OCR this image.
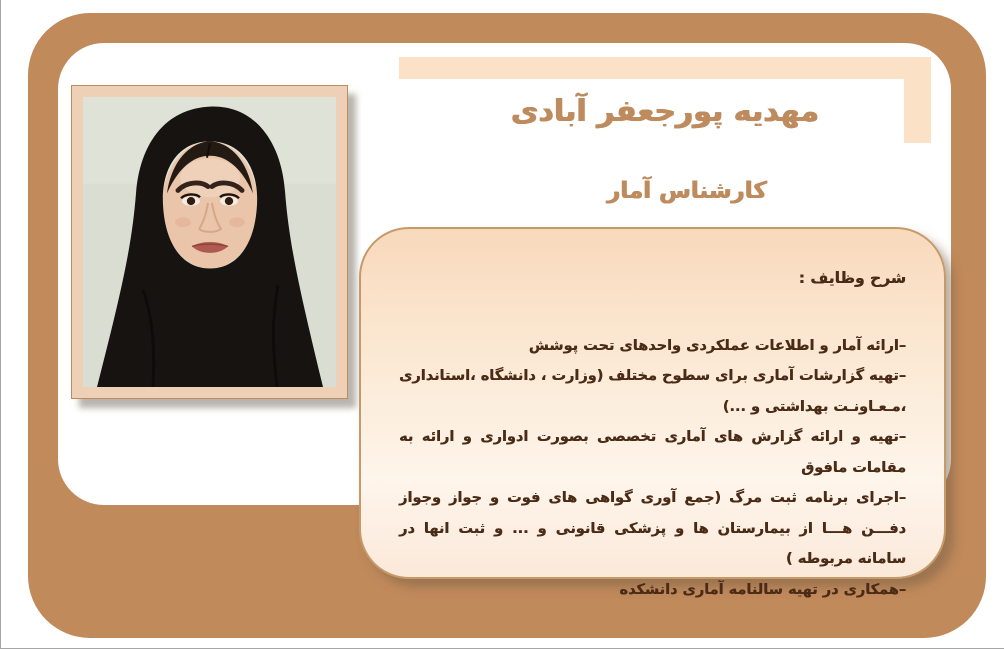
مهدیه پورجعفر آبادی
کارشناس آمار
شرح وظایف :

–ارائه آمار و اطلاعات عملکردی واحدهای تحت پوشش

–تهیه گزارشات آماری برای سطوح مختلف (وزارت ، دانشگاه ،استانداری ،مـعـاونـت بهداشتی و ...)

–تهیه و ارائه گزارش های آماری تخصصی بصورت ادواری و ارائه به مقامات مافوق

–اجرای برنامه ثبت مرگ (جمع آوری گواهی های فوت و جواز وجواز دفـــن هـــا از بیمارستان ها و پزشکی قانونی و ... و ثبت انها در سامانه مربوطه )

–همکاری در تهیه سالنامه آماری دانشکده
